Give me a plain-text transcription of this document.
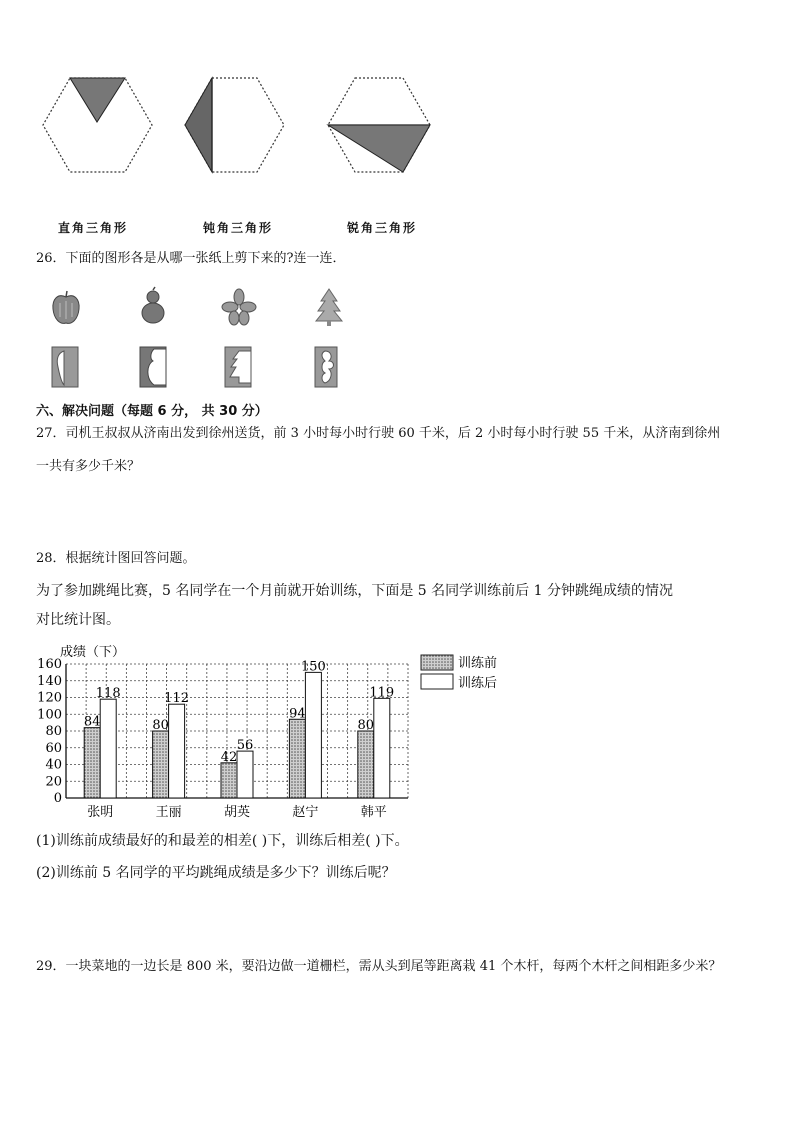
直角三角形	钝角三角形	锐角三角形
26．下面的图形各是从哪一张纸上剪下来的?连一连．
六、解决问题（每题 6 分， 共 30 分）
27．司机王叔叔从济南出发到徐州送货，前 3 小时每小时行驶 60 千米，后 2 小时每小时行驶 55 千米，从济南到徐州
一共有多少千米？
28．根据统计图回答问题。
为了参加跳绳比赛，5 名同学在一个月前就开始训练，下面是 5 名同学训练前后 1 分钟跳绳成绩的情况
对比统计图。
成绩（下）
0
20
40
60
80
100
120
140
160
84
118
80
112
42
56
94
150
80
119
张明	王丽	胡英	赵宁	韩平
训练前
训练后
(1)训练前成绩最好的和最差的相差( )下，训练后相差( )下。
(2)训练前 5 名同学的平均跳绳成绩是多少下？训练后呢？
29．一块菜地的一边长是 800 米，要沿边做一道栅栏，需从头到尾等距离栽 41 个木杆，每两个木杆之间相距多少米？
